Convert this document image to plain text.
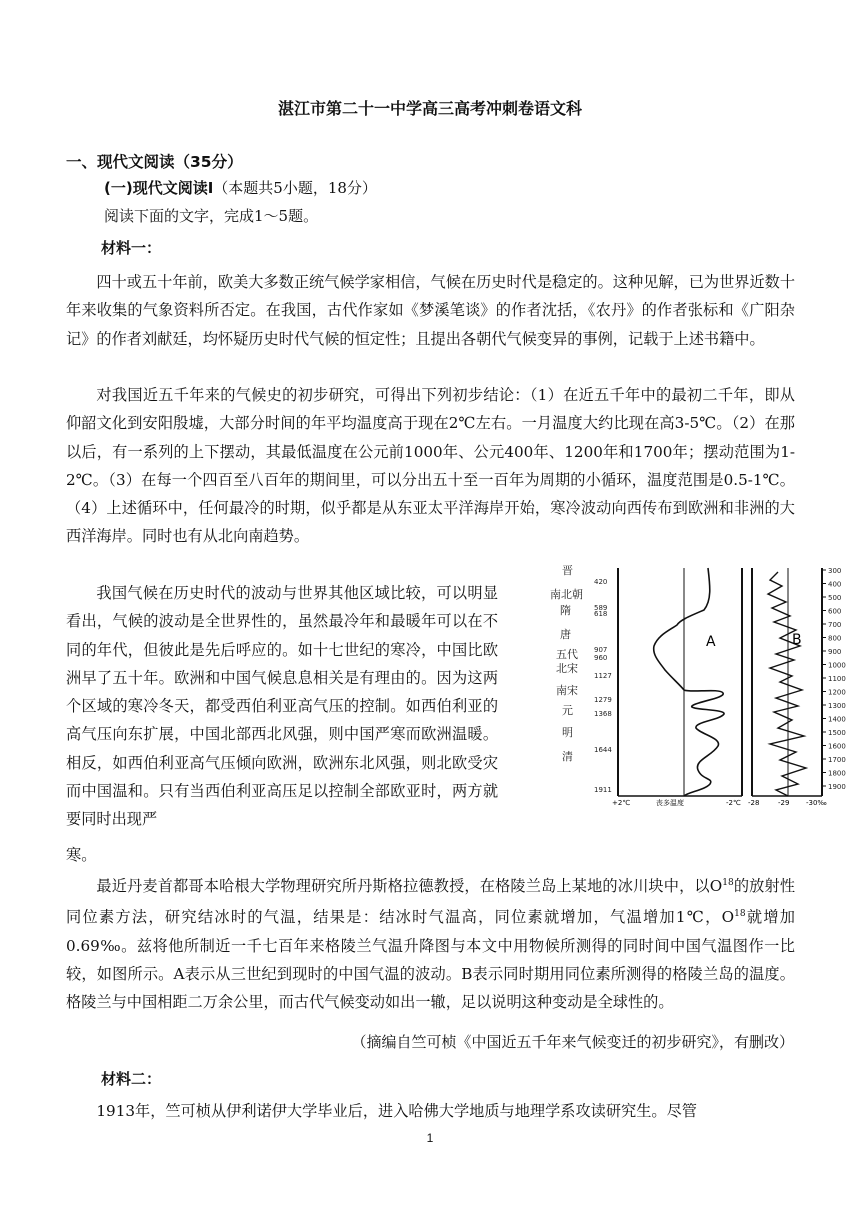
湛江市第二十一中学高三高考冲刺卷语文科
一、现代文阅读（35分）
(一)现代文阅读Ⅰ（本题共5小题，18分）
阅读下面的文字，完成1～5题。
材料一：

四十或五十年前，欧美大多数正统气候学家相信，气候在历史时代是稳定的。这种见解，已为世界近数十年来收集的气象资料所否定。在我国，古代作家如《梦溪笔谈》的作者沈括，《农丹》的作者张标和《广阳杂记》的作者刘献廷，均怀疑历史时代气候的恒定性；且提出各朝代气候变异的事例，记载于上述书籍中。

对我国近五千年来的气候史的初步研究，可得出下列初步结论：（1）在近五千年中的最初二千年，即从仰韶文化到安阳殷墟，大部分时间的年平均温度高于现在2℃左右。一月温度大约比现在高3-5℃。（2）在那以后，有一系列的上下摆动，其最低温度在公元前1000年、公元400年、1200年和1700年；摆动范围为1-2℃。（3）在每一个四百至八百年的期间里，可以分出五十至一百年为周期的小循环，温度范围是0.5-1℃。（4）上述循环中，任何最冷的时期，似乎都是从东亚太平洋海岸开始，寒冷波动向西传布到欧洲和非洲的大西洋海岸。同时也有从北向南趋势。

我国气候在历史时代的波动与世界其他区域比较，可以明显看出，气候的波动是全世界性的，虽然最冷年和最暖年可以在不同的年代，但彼此是先后呼应的。如十七世纪的寒冷，中国比欧洲早了五十年。欧洲和中国气候息息相关是有理由的。因为这两个区域的寒冷冬天，都受西伯利亚高气压的控制。如西伯利亚的高气压向东扩展，中国北部西北风强，则中国严寒而欧洲温暖。相反，如西伯利亚高气压倾向欧洲，欧洲东北风强，则北欧受灾而中国温和。只有当西伯利亚高压足以控制全部欧亚时，两方就要同时出现严

寒。

最近丹麦首都哥本哈根大学物理研究所丹斯格拉德教授，在格陵兰岛上某地的冰川块中，以$O^{18}$的放射性同位素方法，研究结冰时的气温，结果是：结冰时气温高，同位素就增加，气温增加1℃，$O^{18}$就增加0.69‰。兹将他所制近一千七百年来格陵兰气温升降图与本文中用物候所测得的同时间中国气温图作一比较，如图所示。A表示从三世纪到现时的中国气温的波动。B表示同时期用同位素所测得的格陵兰岛的温度。格陵兰与中国相距二万余公里，而古代气候变动如出一辙，足以说明这种变动是全球性的。

（摘编自竺可桢《中国近五千年来气候变迁的初步研究》，有删改）
材料二：

1913年，竺可桢从伊利诺伊大学毕业后，进入哈佛大学地质与地理学系攻读研究生。尽管

1
晋
南北朝
隋
唐
五代
北宋
南宋
元
明
清
420
589
618
907
960
1127
1279
1368
1644
1911
300
400
500
600
700
800
900
1000
1100
1200
1300
1400
1500
1600
1700
1800
1900
A	B
+2℃	丧多温度	-2℃ -28	-29 -30‰
